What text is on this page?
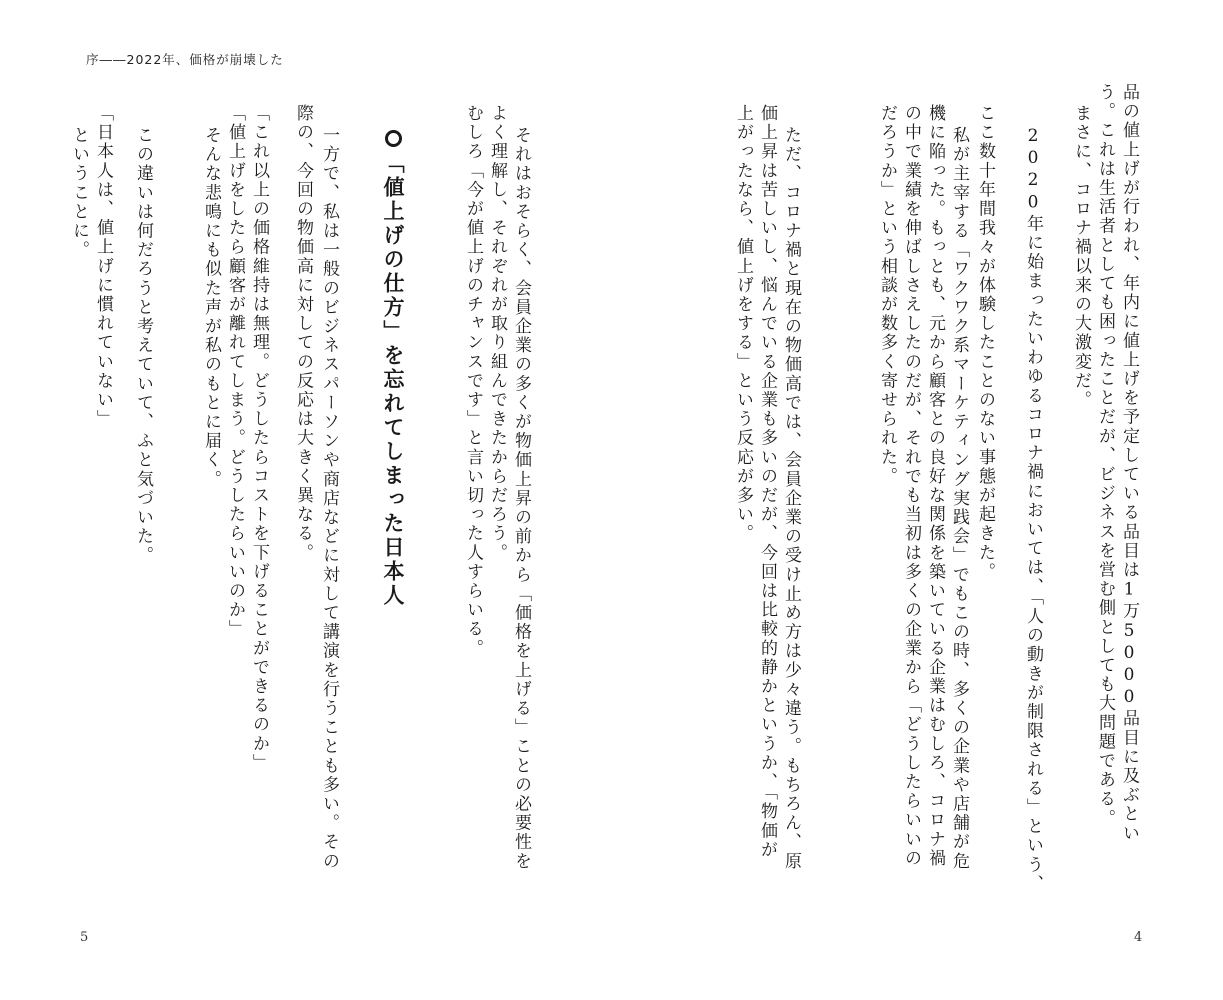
序――2022年、価格が崩壊した
品の値上げが行われ、年内に値上げを予定している品目は1万5000品目に及ぶとい
う。これは生活者としても困ったことだが、ビジネスを営む側としても大問題である。
まさに、コロナ禍以来の大激変だ。
2020年に始まったいわゆるコロナ禍においては、「人の動きが制限される」という、
ここ数十年間我々が体験したことのない事態が起きた。
私が主宰する「ワクワク系マーケティング実践会」でもこの時、多くの企業や店舗が危
機に陥った。もっとも、元から顧客との良好な関係を築いている企業はむしろ、コロナ禍
の中で業績を伸ばしさえしたのだが、それでも当初は多くの企業から「どうしたらいいの
だろうか」という相談が数多く寄せられた。
ただ、コロナ禍と現在の物価高では、会員企業の受け止め方は少々違う。もちろん、原
価上昇は苦しいし、悩んでいる企業も多いのだが、今回は比較的静かというか、「物価が
上がったなら、値上げをする」という反応が多い。
それはおそらく、会員企業の多くが物価上昇の前から「価格を上げる」ことの必要性を
よく理解し、それぞれが取り組んできたからだろう。
むしろ「今が値上げのチャンスです」と言い切った人すらいる。
「値上げの仕方」を忘れてしまった日本人
一方で、私は一般のビジネスパーソンや商店などに対して講演を行うことも多い。その
際の、今回の物価高に対しての反応は大きく異なる。
「これ以上の価格維持は無理。どうしたらコストを下げることができるのか」
「値上げをしたら顧客が離れてしまう。どうしたらいいのか」
そんな悲鳴にも似た声が私のもとに届く。
この違いは何だろうと考えていて、ふと気づいた。
「日本人は、値上げに慣れていない」
ということに。
5	4
